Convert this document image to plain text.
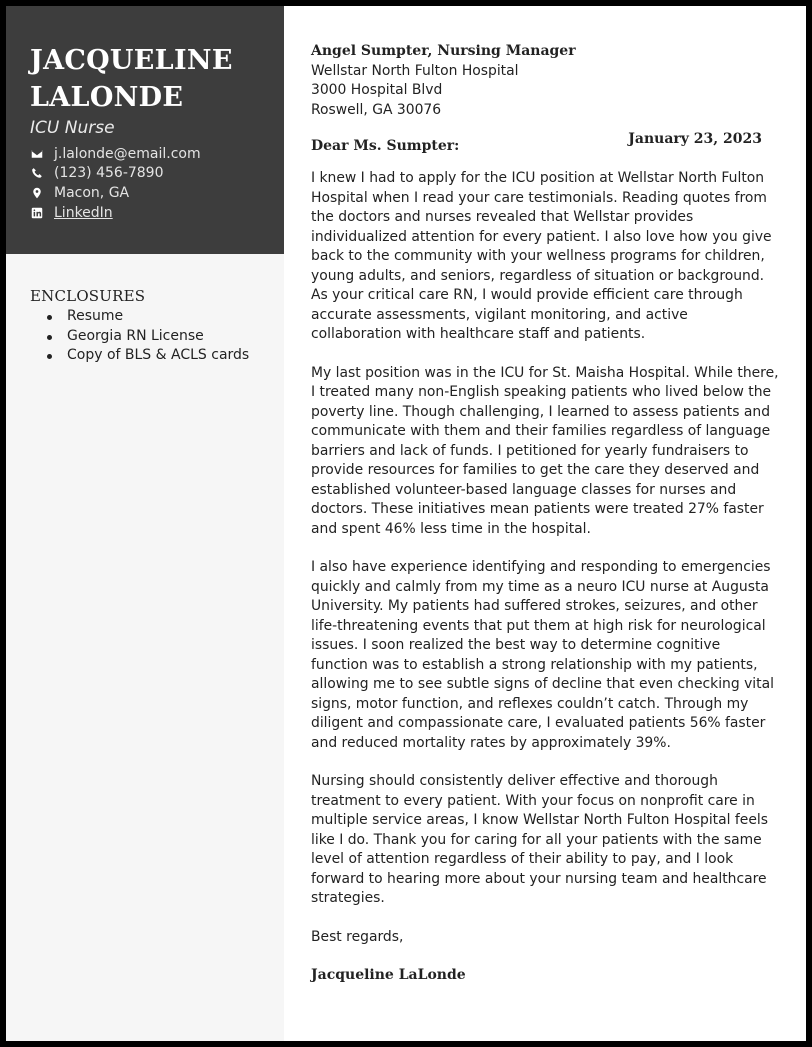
JACQUELINE
LALONDE
ICU Nurse
j.lalonde@email.com
(123) 456-7890
Macon, GA
LinkedIn
ENCLOSURES
Resume
Georgia RN License
Copy of BLS & ACLS cards
Angel Sumpter, Nursing Manager
Wellstar North Fulton Hospital
3000 Hospital Blvd
Roswell, GA 30076
Dear Ms. Sumpter:	January 23, 2023

I knew I had to apply for the ICU position at Wellstar North Fulton Hospital when I read your care testimonials. Reading quotes from the doctors and nurses revealed that Wellstar provides individualized attention for every patient. I also love how you give back to the community with your wellness programs for children, young adults, and seniors, regardless of situation or background. As your critical care RN, I would provide efficient care through accurate assessments, vigilant monitoring, and active collaboration with healthcare staff and patients.

My last position was in the ICU for St. Maisha Hospital. While there, I treated many non-English speaking patients who lived below the poverty line. Though challenging, I learned to assess patients and communicate with them and their families regardless of language barriers and lack of funds. I petitioned for yearly fundraisers to provide resources for families to get the care they deserved and established volunteer-based language classes for nurses and doctors. These initiatives mean patients were treated 27% faster and spent 46% less time in the hospital.

I also have experience identifying and responding to emergencies quickly and calmly from my time as a neuro ICU nurse at Augusta University. My patients had suffered strokes, seizures, and other life-threatening events that put them at high risk for neurological issues. I soon realized the best way to determine cognitive function was to establish a strong relationship with my patients, allowing me to see subtle signs of decline that even checking vital signs, motor function, and reflexes couldn’t catch. Through my diligent and compassionate care, I evaluated patients 56% faster and reduced mortality rates by approximately 39%.

Nursing should consistently deliver effective and thorough treatment to every patient. With your focus on nonprofit care in multiple service areas, I know Wellstar North Fulton Hospital feels like I do. Thank you for caring for all your patients with the same level of attention regardless of their ability to pay, and I look forward to hearing more about your nursing team and healthcare strategies.

Best regards,
Jacqueline LaLonde
